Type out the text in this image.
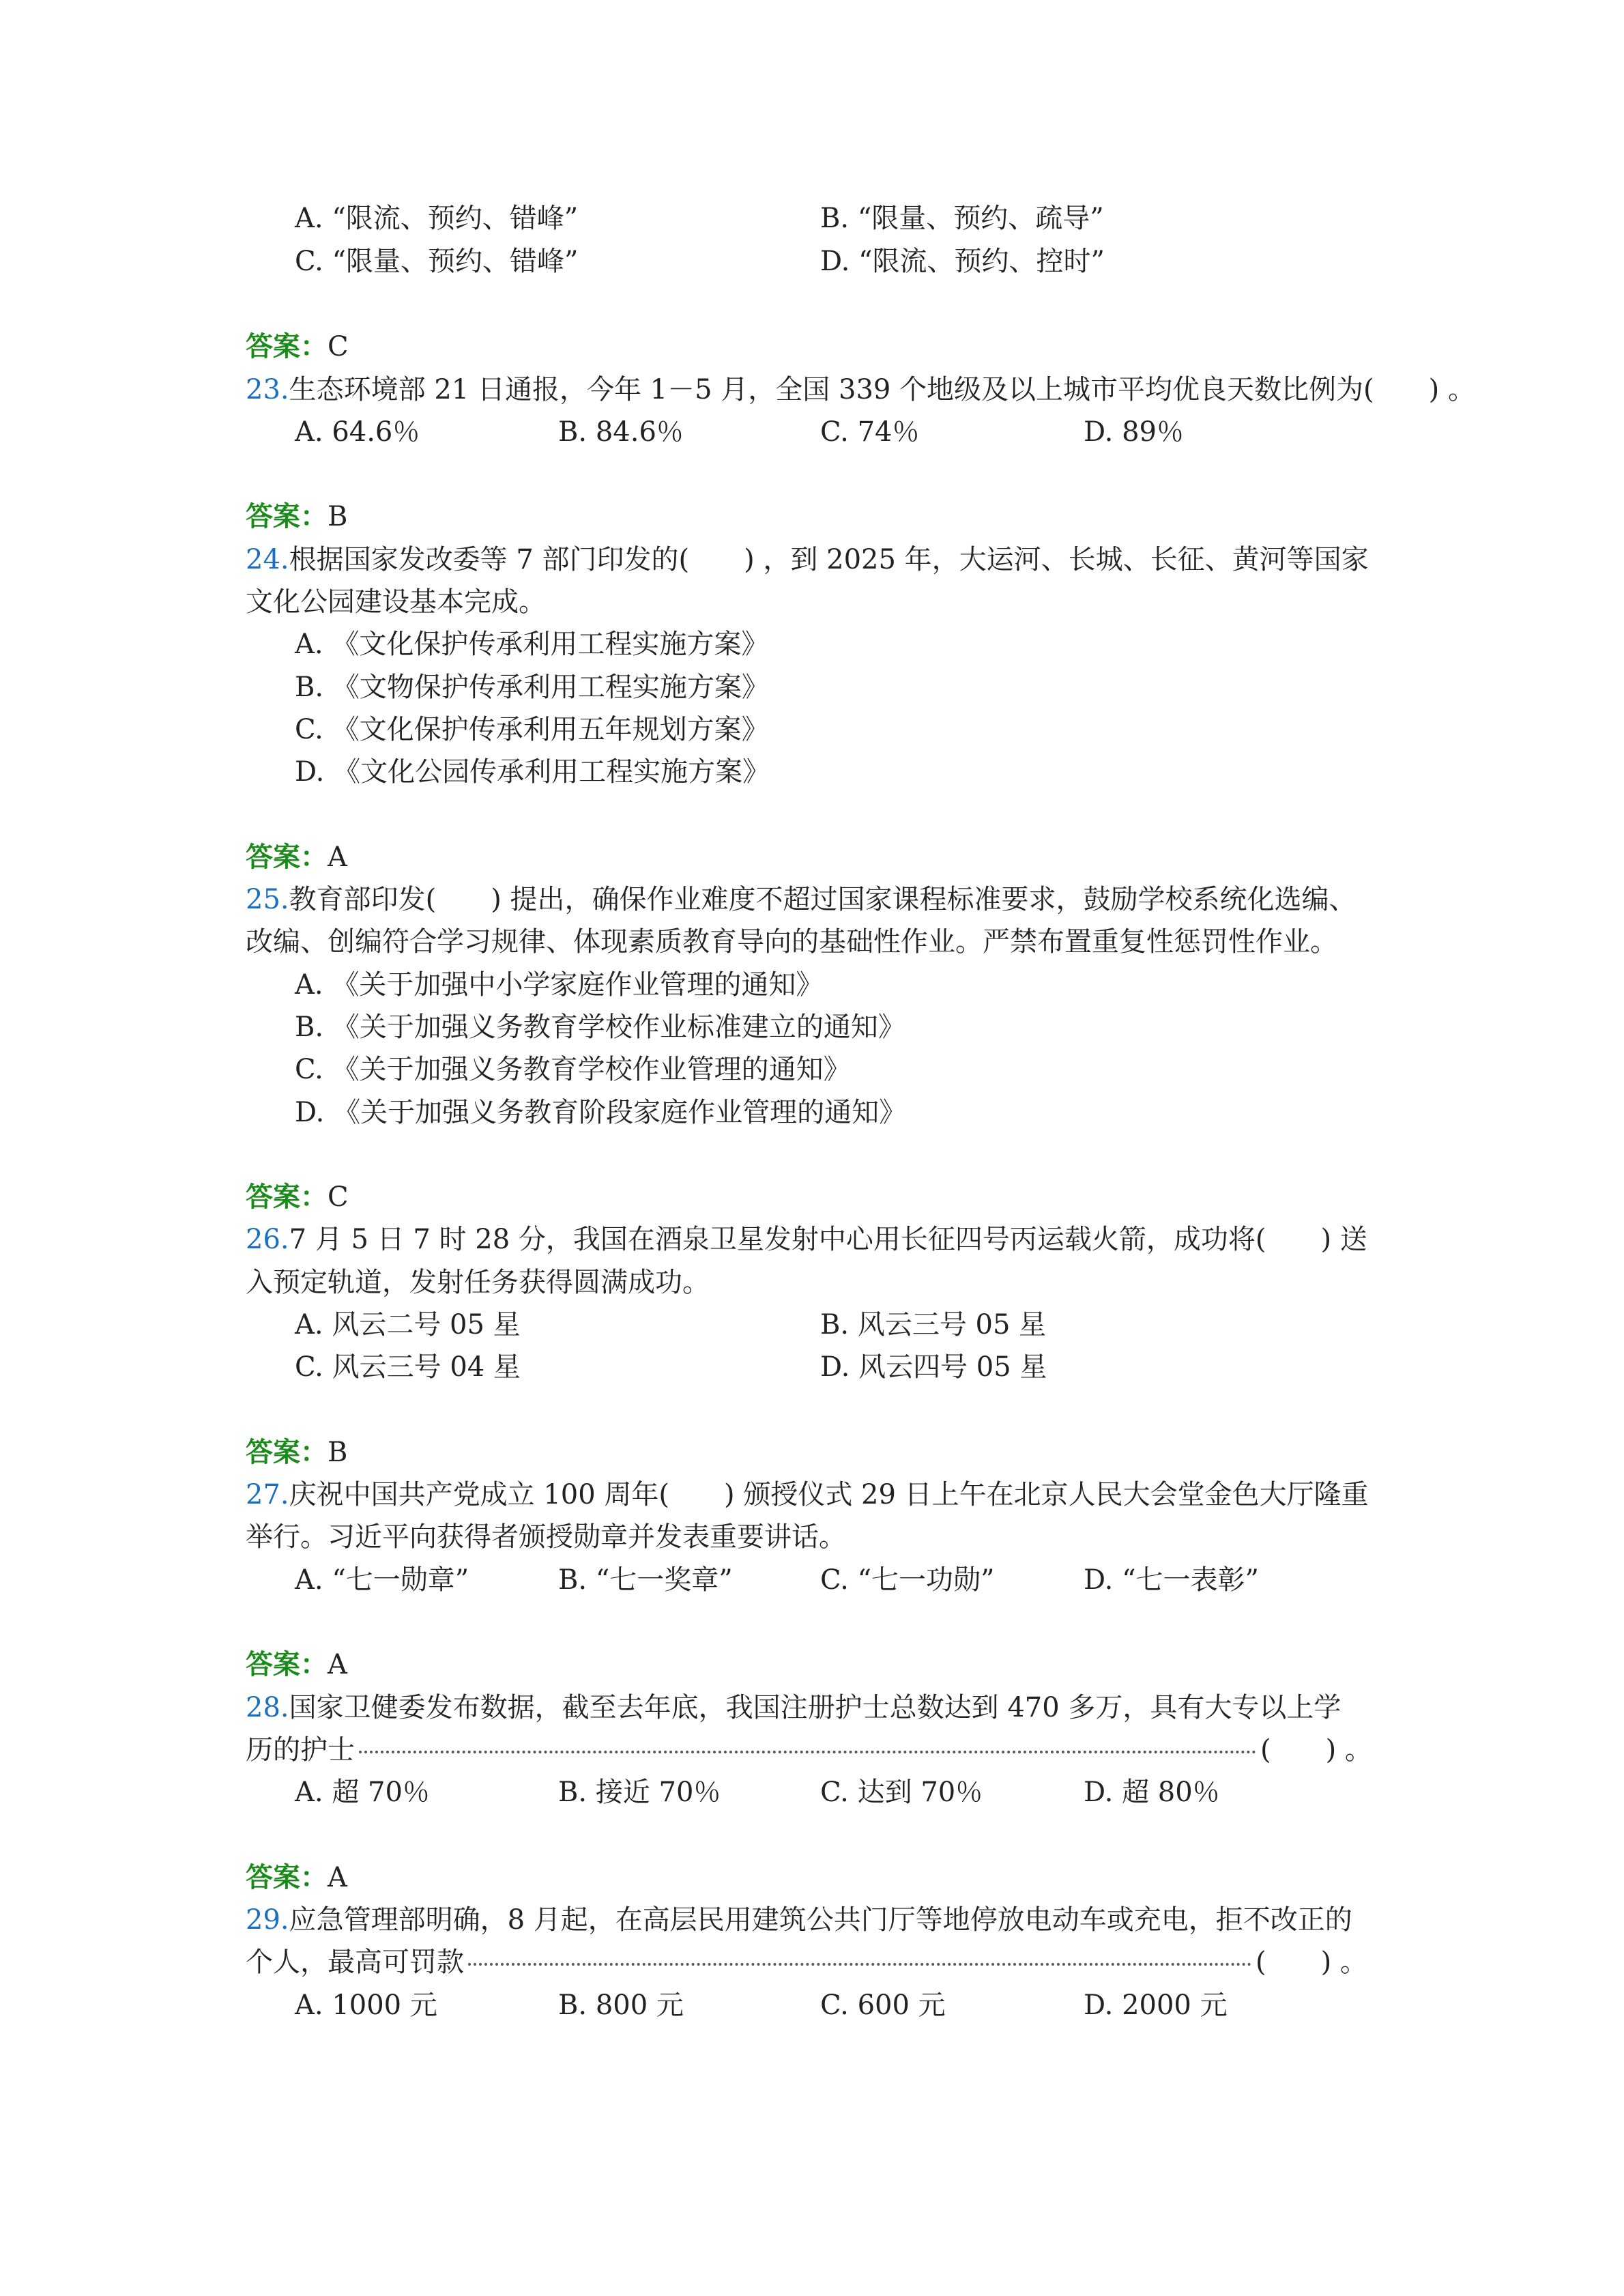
A. “限流、预约、错峰”	B. “限量、预约、疏导”
C. “限量、预约、错峰”	D. “限流、预约、控时”
答案：C
23.生态环境部 21 日通报，今年 1－5 月，全国 339 个地级及以上城市平均优良天数比例为(　　) 。
A. 64.6％	B. 84.6％	C. 74％	D. 89％
答案：B
24.根据国家发改委等 7 部门印发的(　　) ，到 2025 年，大运河、长城、长征、黄河等国家
文化公园建设基本完成。
A. 《文化保护传承利用工程实施方案》
B. 《文物保护传承利用工程实施方案》
C. 《文化保护传承利用五年规划方案》
D. 《文化公园传承利用工程实施方案》
答案：A
25.教育部印发(　　) 提出，确保作业难度不超过国家课程标准要求，鼓励学校系统化选编、
改编、创编符合学习规律、体现素质教育导向的基础性作业。严禁布置重复性惩罚性作业。
A. 《关于加强中小学家庭作业管理的通知》
B. 《关于加强义务教育学校作业标准建立的通知》
C. 《关于加强义务教育学校作业管理的通知》
D. 《关于加强义务教育阶段家庭作业管理的通知》
答案：C
26.7 月 5 日 7 时 28 分，我国在酒泉卫星发射中心用长征四号丙运载火箭，成功将(　　) 送
入预定轨道，发射任务获得圆满成功。
A. 风云二号 05 星	B. 风云三号 05 星
C. 风云三号 04 星	D. 风云四号 05 星
答案：B
27.庆祝中国共产党成立 100 周年(　　) 颁授仪式 29 日上午在北京人民大会堂金色大厅隆重
举行。习近平向获得者颁授勋章并发表重要讲话。
A. “七一勋章”	B. “七一奖章”	C. “七一功勋”	D. “七一表彰”
答案：A
28.国家卫健委发布数据，截至去年底，我国注册护士总数达到 470 多万，具有大专以上学
历的护士	(　　) 。
A. 超 70％	B. 接近 70％	C. 达到 70％	D. 超 80％
答案：A
29.应急管理部明确，8 月起，在高层民用建筑公共门厅等地停放电动车或充电，拒不改正的
个人，最高可罚款	(　　) 。
A. 1000 元	B. 800 元	C. 600 元	D. 2000 元
